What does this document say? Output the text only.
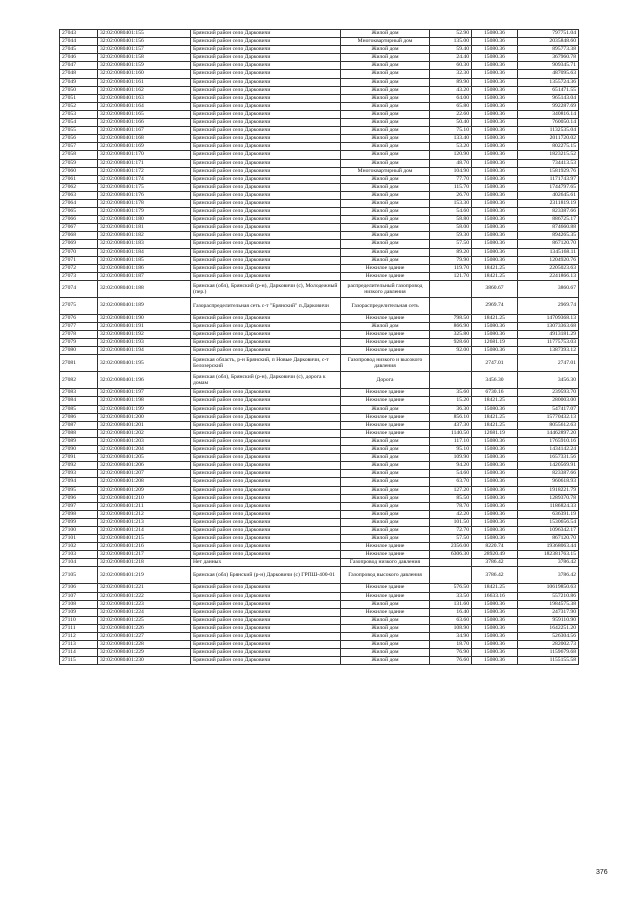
27043	32:02:0080401:155	Брянский район село Дарковичи	Жилой дом	52.90	15080.36	797751.04
27044	32:02:0080401:156	Брянский район село Дарковичи	Многоквартирный дом	135.00	15080.36	2035848.60
27045	32:02:0080401:157	Брянский район село Дарковичи	Жилой дом	59.40	15080.36	895773.38
27046	32:02:0080401:158	Брянский район село Дарковичи	Жилой дом	24.40	15080.36	367960.78
27047	32:02:0080401:159	Брянский район село Дарковичи	Жилой дом	60.30	15080.36	909345.71
27048	32:02:0080401:160	Брянский район село Дарковичи	Жилой дом	32.30	15080.36	487095.63
27049	32:02:0080401:161	Брянский район село Дарковичи	Жилой дом	89.90	15080.36	1355724.36
27050	32:02:0080401:162	Брянский район село Дарковичи	Жилой дом	43.20	15080.36	651471.55
27051	32:02:0080401:163	Брянский район село Дарковичи	Жилой дом	64.00	15080.36	965143.04
27052	32:02:0080401:164	Брянский район село Дарковичи	Жилой дом	65.80	15080.36	992287.69
27053	32:02:0080401:165	Брянский район село Дарковичи	Жилой дом	22.60	15080.36	340816.14
27054	32:02:0080401:166	Брянский район село Дарковичи	Жилой дом	50.40	15080.36	760050.14
27055	32:02:0080401:167	Брянский район село Дарковичи	Жилой дом	75.10	15080.36	1132535.04
27056	32:02:0080401:168	Брянский район село Дарковичи	Жилой дом	133.40	15080.36	2011720.02
27057	32:02:0080401:169	Брянский район село Дарковичи	Жилой дом	53.20	15080.36	802275.15
27058	32:02:0080401:170	Брянский район село Дарковичи	Жилой дом	120.90	15080.36	1823215.52
27059	32:02:0080401:171	Брянский район село Дарковичи	Жилой дом	48.70	15080.36	734413.53
27060	32:02:0080401:172	Брянский район село Дарковичи	Многоквартирный дом	104.90	15080.36	1581929.76
27061	32:02:0080401:174	Брянский район село Дарковичи	Жилой дом	77.70	15080.36	1171743.97
27062	32:02:0080401:175	Брянский район село Дарковичи	Жилой дом	115.70	15080.36	1744797.65
27063	32:02:0080401:176	Брянский район село Дарковичи	Жилой дом	26.70	15080.36	402645.61
27064	32:02:0080401:178	Брянский район село Дарковичи	Жилой дом	153.30	15080.36	2311819.19
27065	32:02:0080401:179	Брянский район село Дарковичи	Жилой дом	54.60	15080.36	823387.66
27066	32:02:0080401:180	Брянский район село Дарковичи	Жилой дом	58.80	15080.36	886725.17
27067	32:02:0080401:181	Брянский район село Дарковичи	Жилой дом	58.00	15080.36	874660.88
27068	32:02:0080401:182	Брянский район село Дарковичи	Жилой дом	59.30	15080.36	894265.35
27069	32:02:0080401:183	Брянский район село Дарковичи	Жилой дом	57.50	15080.36	867120.70
27070	32:02:0080401:184	Брянский район село Дарковичи	Жилой дом	89.20	15080.36	1345168.11
27071	32:02:0080401:185	Брянский район село Дарковичи	Жилой дом	79.90	15080.36	1204920.76
27072	32:02:0080401:186	Брянский район село Дарковичи	Нежилое здание	119.70	18421.25	2205023.63
27073	32:02:0080401:187	Брянский район село Дарковичи	Нежилое здание	121.70	18421.25	2241866.13
27074	32:02:0080401:188	Брянская (обл), Брянский (р-н), Дарковичи (с), Молодежный (пер.)	распределительный газопровод низкого давления		3860.67	3860.67
27075	32:02:0080401:189	Газораспределительная сеть с-т "Брянский" п.Дарковичи	Газораспределительная сеть		2969.74	2969.74
27076	32:02:0080401:190	Брянский район село Дарковичи	Нежилое здание	798.50	18421.25	14709368.13
27077	32:02:0080401:191	Брянский район село Дарковичи	Жилой дом	866.90	15080.36	13073363.68
27078	32:02:0080401:192	Брянский район село Дарковичи	Нежилое здание	325.80	15080.36	4913181.29
27079	32:02:0080401:193	Брянский район село Дарковичи	Нежилое здание	928.60	12681.19	11775753.03
27080	32:02:0080401:194	Брянский район село Дарковичи	Нежилое здание	92.00	15080.36	1387393.12
27081	32:02:0080401:195	Брянская область, р-н Брянский, п Новые Дарковичи, с-т Белозерский	Газопровод низкого и высокого давления		2747.01	2747.01
27082	32:02:0080401:196	Брянская (обл), Брянский (р-н), Дарковичи (с), дорога к домам	Дорога		3456.30	3456.30
27083	32:02:0080401:197	Брянский район село Дарковичи	Нежилое здание	35.60	6730.16	239593.70
27084	32:02:0080401:198	Брянский район село Дарковичи	Нежилое здание	15.20	18421.25	280003.00
27085	32:02:0080401:199	Брянский район село Дарковичи	Жилой дом	36.30	15080.36	547417.07
27086	32:02:0080401:200	Брянский район село Дарковичи	Нежилое здание	856.10	18421.25	15770432.13
27087	32:02:0080401:201	Брянский район село Дарковичи	Нежилое здание	437.30	18421.25	8055612.63
27088	32:02:0080401:202	Брянский район село Дарковичи	Нежилое здание	1140.50	12681.19	14462897.20
27089	32:02:0080401:203	Брянский район село Дарковичи	Жилой дом	117.10	15080.36	1765910.16
27090	32:02:0080401:204	Брянский район село Дарковичи	Жилой дом	95.10	15080.36	1434142.24
27091	32:02:0080401:205	Брянский район село Дарковичи	Жилой дом	109.90	15080.36	1657331.56
27092	32:02:0080401:206	Брянский район село Дарковичи	Жилой дом	94.20	15080.36	1420569.91
27093	32:02:0080401:207	Брянский район село Дарковичи	Жилой дом	54.60	15080.36	823387.66
27094	32:02:0080401:208	Брянский район село Дарковичи	Жилой дом	63.70	15080.36	960618.93
27095	32:02:0080401:209	Брянский район село Дарковичи	Жилой дом	127.20	15080.36	1918221.79
27096	32:02:0080401:210	Брянский район село Дарковичи	Жилой дом	85.50	15080.36	1289370.78
27097	32:02:0080401:211	Брянский район село Дарковичи	Жилой дом	78.70	15080.36	1186824.33
27098	32:02:0080401:212	Брянский район село Дарковичи	Жилой дом	42.20	15080.36	636391.19
27099	32:02:0080401:213	Брянский район село Дарковичи	Жилой дом	101.50	15080.36	1530656.54
27100	32:02:0080401:214	Брянский район село Дарковичи	Жилой дом	72.70	15080.36	1096342.17
27101	32:02:0080401:215	Брянский район село Дарковичи	Жилой дом	57.50	15080.36	867120.70
27102	32:02:0080401:216	Брянский район село Дарковичи	Нежилое здание	2356.00	8220.74	19368063.44
27103	32:02:0080401:217	Брянский район село Дарковичи	Нежилое здание	6306.30	28920.49	182381763.15
27104	32:02:0080401:218	Нет данных	Газопровод низкого давления		3786.42	3786.42
27105	32:02:0080401:219	Брянская (обл) Брянский (р-н) Дарковичи (с) ГРПШ-400-01	Газопровод высокого давления		3786.42	3786.42
27106	32:02:0080401:221	Брянский район село Дарковичи	Нежилое здание	576.50	18421.25	10619850.63
27107	32:02:0080401:222	Брянский район село Дарковичи	Нежилое здание	33.50	16633.16	557210.86
27108	32:02:0080401:223	Брянский район село Дарковичи	Жилой дом	131.60	15080.36	1984575.38
27109	32:02:0080401:224	Брянский район село Дарковичи	Нежилое здание	16.40	15080.36	247317.90
27110	32:02:0080401:225	Брянский район село Дарковичи	Жилой дом	63.60	15080.36	959110.90
27111	32:02:0080401:226	Брянский район село Дарковичи	Жилой дом	108.90	15080.36	1642251.20
27112	32:02:0080401:227	Брянский район село Дарковичи	Жилой дом	34.90	15080.36	526304.56
27113	32:02:0080401:228	Брянский район село Дарковичи	Жилой дом	18.70	15080.36	282002.73
27114	32:02:0080401:229	Брянский район село Дарковичи	Жилой дом	76.90	15080.36	1159679.68
27115	32:02:0080401:230	Брянский район село Дарковичи	Жилой дом	76.60	15080.36	1155155.58
376
